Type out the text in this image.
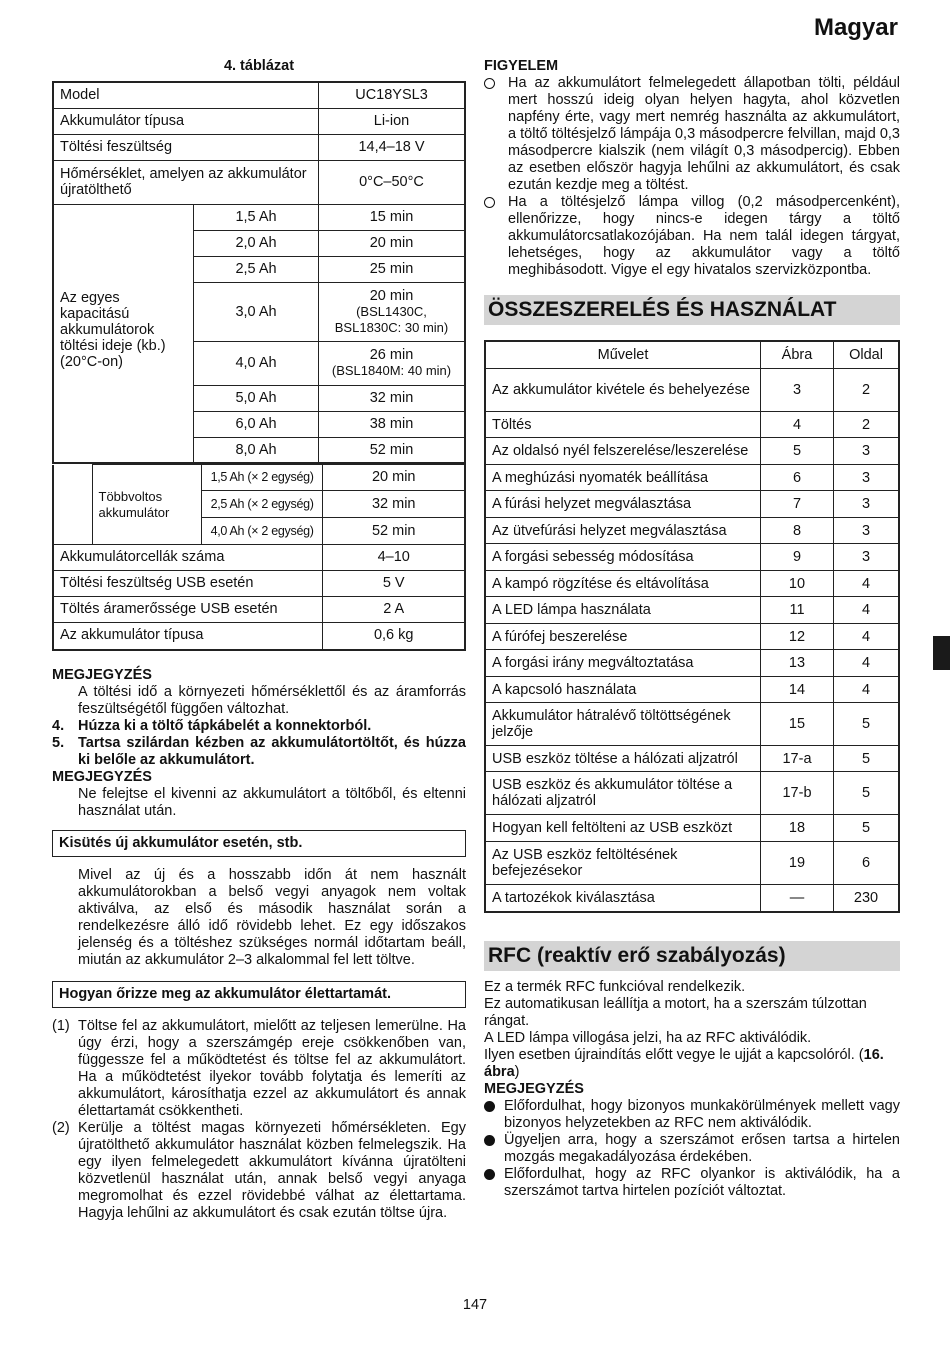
Magyar
4. táblázat
Model		UC18YSL3
Akkumulátor típusa		Li-ion
Töltési feszültség		14,4–18 V
Hőmérséklet, amelyen az akkumulátor újratölthető		0°C–50°C

Az egyes kapacitású akkumulátorok töltési ideje (kb.) (20°C-on)	1,5 Ah	15 min
	2,0 Ah	20 min
	2,5 Ah	25 min
	3,0 Ah	20 min
(BSL1430C,
BSL1830C: 30 min)

	4,0 Ah	26 min
(BSL1840M: 40 min)

	5,0 Ah	32 min
	6,0 Ah	38 min
	8,0 Ah	52 min
	Többvoltos akkumulátor	1,5 Ah (× 2 egység)	20 min
		2,5 Ah (× 2 egység)	32 min
		4,0 Ah (× 2 egység)	52 min
Akkumulátorcellák száma			4–10
Töltési feszültség USB esetén			5 V
Töltés áramerőssége USB esetén			2 A
Az akkumulátor típusa			0,6 kg
MEGJEGYZÉS
A töltési idő a környezeti hőmérséklettől és az áramforrás feszültségétől függően változhat.
4. Húzza ki a töltő tápkábelét a konnektorból.
5. Tartsa szilárdan kézben az akkumulátortöltőt, és húzza ki belőle az akkumulátort.
MEGJEGYZÉS
Ne felejtse el kivenni az akkumulátort a töltőből, és eltenni használat után.
Kisütés új akkumulátor esetén, stb.
Mivel az új és a hosszabb időn át nem használt akkumulátorokban a belső vegyi anyagok nem voltak aktiválva, az első és második használat során a rendelkezésre álló idő rövidebb lehet. Ez egy időszakos jelenség és a töltéshez szükséges normál időtartam beáll, miután az akkumulátor 2–3 alkalommal fel lett töltve.
Hogyan őrizze meg az akkumulátor élettartamát.
(1) Töltse fel az akkumulátort, mielőtt az teljesen lemerülne. Ha úgy érzi, hogy a szerszámgép ereje csökkenőben van, függessze fel a működtetést és töltse fel az akkumulátort. Ha a működtetést ilyekor tovább folytatja és lemeríti az akkumulátort, károsíthatja ezzel az akkumulátort és annak élettartamát csökkentheti.
(2) Kerülje a töltést magas környezeti hőmérsékleten. Egy újratölthető akkumulátor használat közben felmelegszik. Ha egy ilyen felmelegedett akkumulátort kívánna újratölteni közvetlenül használat után, annak belső vegyi anyaga megromolhat és ezzel rövidebbé válhat az élettartama. Hagyja lehűlni az akkumulátort és csak ezután töltse újra.
FIGYELEM
Ha az akkumulátort felmelegedett állapotban tölti, például mert hosszú ideig olyan helyen hagyta, ahol közvetlen napfény érte, vagy mert nemrég használta az akkumulátort, a töltő töltésjelző lámpája 0,3 másodpercre felvillan, majd 0,3 másodpercre kialszik (nem világít 0,3 másodpercig). Ebben az esetben először hagyja lehűlni az akkumulátort, és csak ezután kezdje meg a töltést.
Ha a töltésjelző lámpa villog (0,2 másodpercenként), ellenőrizze, hogy nincs-e idegen tárgy a töltő akkumulátorcsatlakozójában. Ha nem talál idegen tárgyat, lehetséges, hogy az akkumulátor vagy a töltő meghibásodott. Vigye el egy hivatalos szervizközpontba.
ÖSSZESZERELÉS ÉS HASZNÁLAT
Művelet	Ábra	Oldal
Az akkumulátor kivétele és behelyezése	3	2
Töltés	4	2
Az oldalsó nyél felszerelése/leszerelése	5	3
A meghúzási nyomaték beállítása	6	3
A fúrási helyzet megválasztása	7	3
Az ütvefúrási helyzet megválasztása	8	3
A forgási sebesség módosítása	9	3
A kampó rögzítése és eltávolítása	10	4
A LED lámpa használata	11	4
A fúrófej beszerelése	12	4
A forgási irány megváltoztatása	13	4
A kapcsoló használata	14	4
Akkumulátor hátralévő töltöttségének jelzője	15	5
USB eszköz töltése a hálózati aljzatról	17-a	5
USB eszköz és akkumulátor töltése a hálózati aljzatról	17-b	5
Hogyan kell feltölteni az USB eszközt	18	5
Az USB eszköz feltöltésének befejezésekor	19	6
A tartozékok kiválasztása	—	230
RFC (reaktív erő szabályozás)
Ez a termék RFC funkcióval rendelkezik.
Ez automatikusan leállítja a motort, ha a szerszám túlzottan rángat.
A LED lámpa villogása jelzi, ha az RFC aktiválódik.
Ilyen esetben újraindítás előtt vegye le ujját a kapcsolóról. (16. ábra)
MEGJEGYZÉS
Előfordulhat, hogy bizonyos munkakörülmények mellett vagy bizonyos helyzetekben az RFC nem aktiválódik.
Ügyeljen arra, hogy a szerszámot erősen tartsa a hirtelen mozgás megakadályozása érdekében.
Előfordulhat, hogy az RFC olyankor is aktiválódik, ha a szerszámot tartva hirtelen pozíciót változtat.
147
